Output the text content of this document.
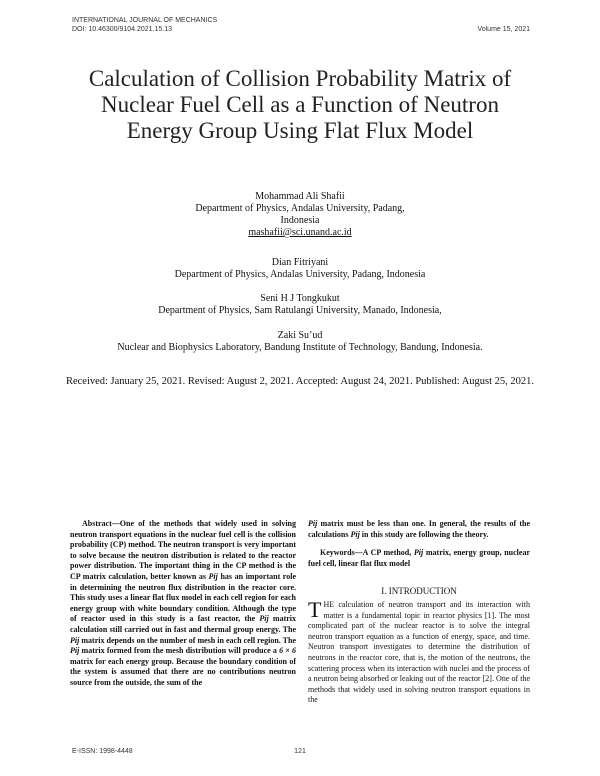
INTERNATIONAL JOURNAL OF MECHANICS
DOI: 10.46300/9104.2021.15.13	Volume 15, 2021
Calculation of Collision Probability Matrix of
Nuclear Fuel Cell as a Function of Neutron
Energy Group Using Flat Flux Model
Mohammad Ali Shafii
Department of Physics, Andalas University, Padang,
Indonesia
mashafii@sci.unand.ac.id
Dian Fitriyani
Department of Physics, Andalas University, Padang, Indonesia
Seni H J Tongkukut
Department of Physics, Sam Ratulangi University, Manado, Indonesia,
Zaki Su’ud
Nuclear and Biophysics Laboratory, Bandung Institute of Technology, Bandung, Indonesia.
Received: January 25, 2021. Revised: August 2, 2021. Accepted: August 24, 2021. Published: August 25, 2021.
Abstract—One of the methods that widely used in solving neutron transport equations in the nuclear fuel cell is the collision probability (CP) method. The neutron transport is very important to solve because the neutron distribution is related to the reactor power distribution. The important thing in the CP method is the CP matrix calculation, better known as Pij has an important role in determining the neutron flux distribution in the reactor core. This study uses a linear flat flux model in each cell region for each energy group with white boundary condition. Although the type of reactor used in this study is a fast reactor, the Pij matrix calculation still carried out in fast and thermal group energy. The Pij matrix depends on the number of mesh in each cell region. The Pij matrix formed from the mesh distribution will produce a 6 × 6 matrix for each energy group. Because the boundary condition of the system is assumed that there are no contributions neutron source from the outside, the sum of the
Pij matrix must be less than one. In general, the results of the calculations Pij in this study are following the theory.
Keywords—A CP method, Pij matrix, energy group, nuclear fuel cell, linear flat flux model
I. INTRODUCTION
THE calculation of neutron transport and its interaction with matter is a fundamental topic in reactor physics [1]. The most complicated part of the nuclear reactor is to solve the integral neutron transport equation as a function of energy, space, and time. Neutron transport investigates to determine the distribution of neutrons in the reactor core, that is, the motion of the neutrons, the scattering process when its interaction with nuclei and the process of a neutron being absorbed or leaking out of the reactor [2]. One of the methods that widely used in solving neutron transport equations in the
E-ISSN: 1998-4448	121
